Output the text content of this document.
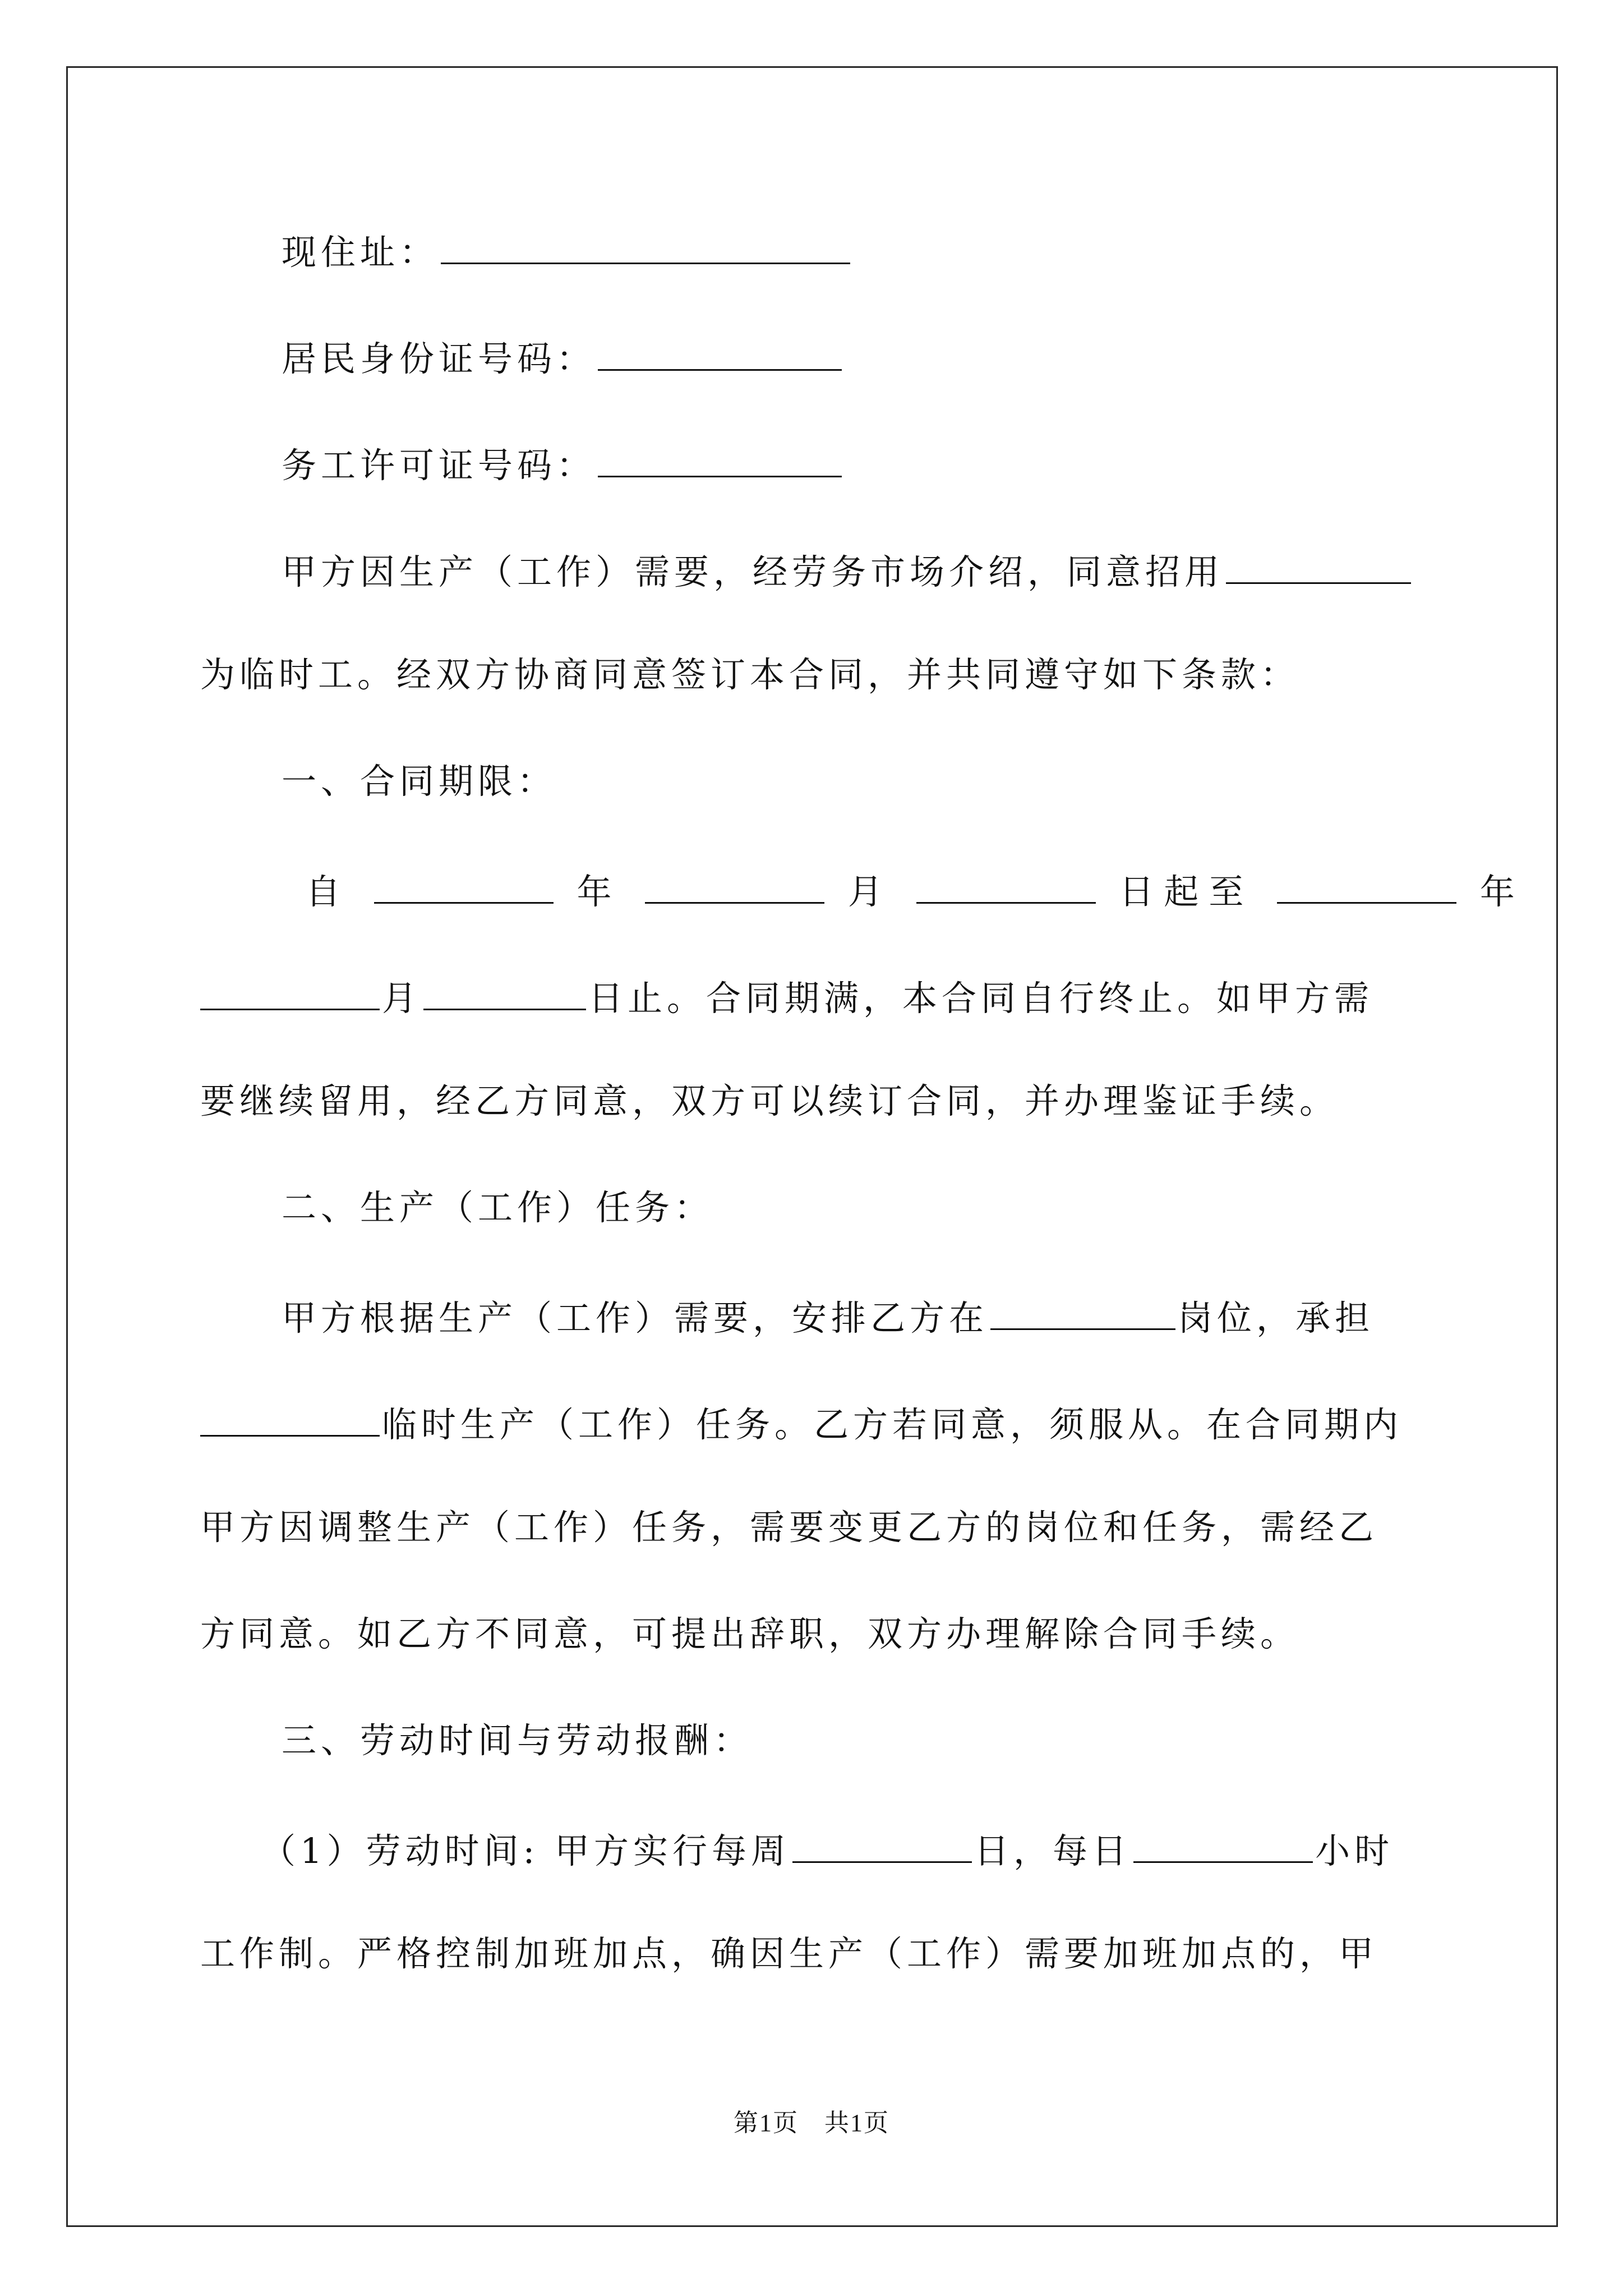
现住址：
居民身份证号码：
务工许可证号码：
甲方因生产（工作）需要，经劳务市场介绍，同意招用
为临时工。经双方协商同意签订本合同，并共同遵守如下条款：
一、合同期限：
自	年	月	日起至	年
月	日止。合同期满，本合同自行终止。如甲方需
要继续留用，经乙方同意，双方可以续订合同，并办理鉴证手续。
二、生产（工作）任务：
甲方根据生产（工作）需要，安排乙方在	岗位，承担
临时生产（工作）任务。乙方若同意，须服从。在合同期内
甲方因调整生产（工作）任务，需要变更乙方的岗位和任务，需经乙
方同意。如乙方不同意，可提出辞职，双方办理解除合同手续。
三、劳动时间与劳动报酬：
（1）劳动时间: 甲方实行每周	日，每日	小时
工作制。严格控制加班加点，确因生产（工作）需要加班加点的，甲
第1页　共1页
